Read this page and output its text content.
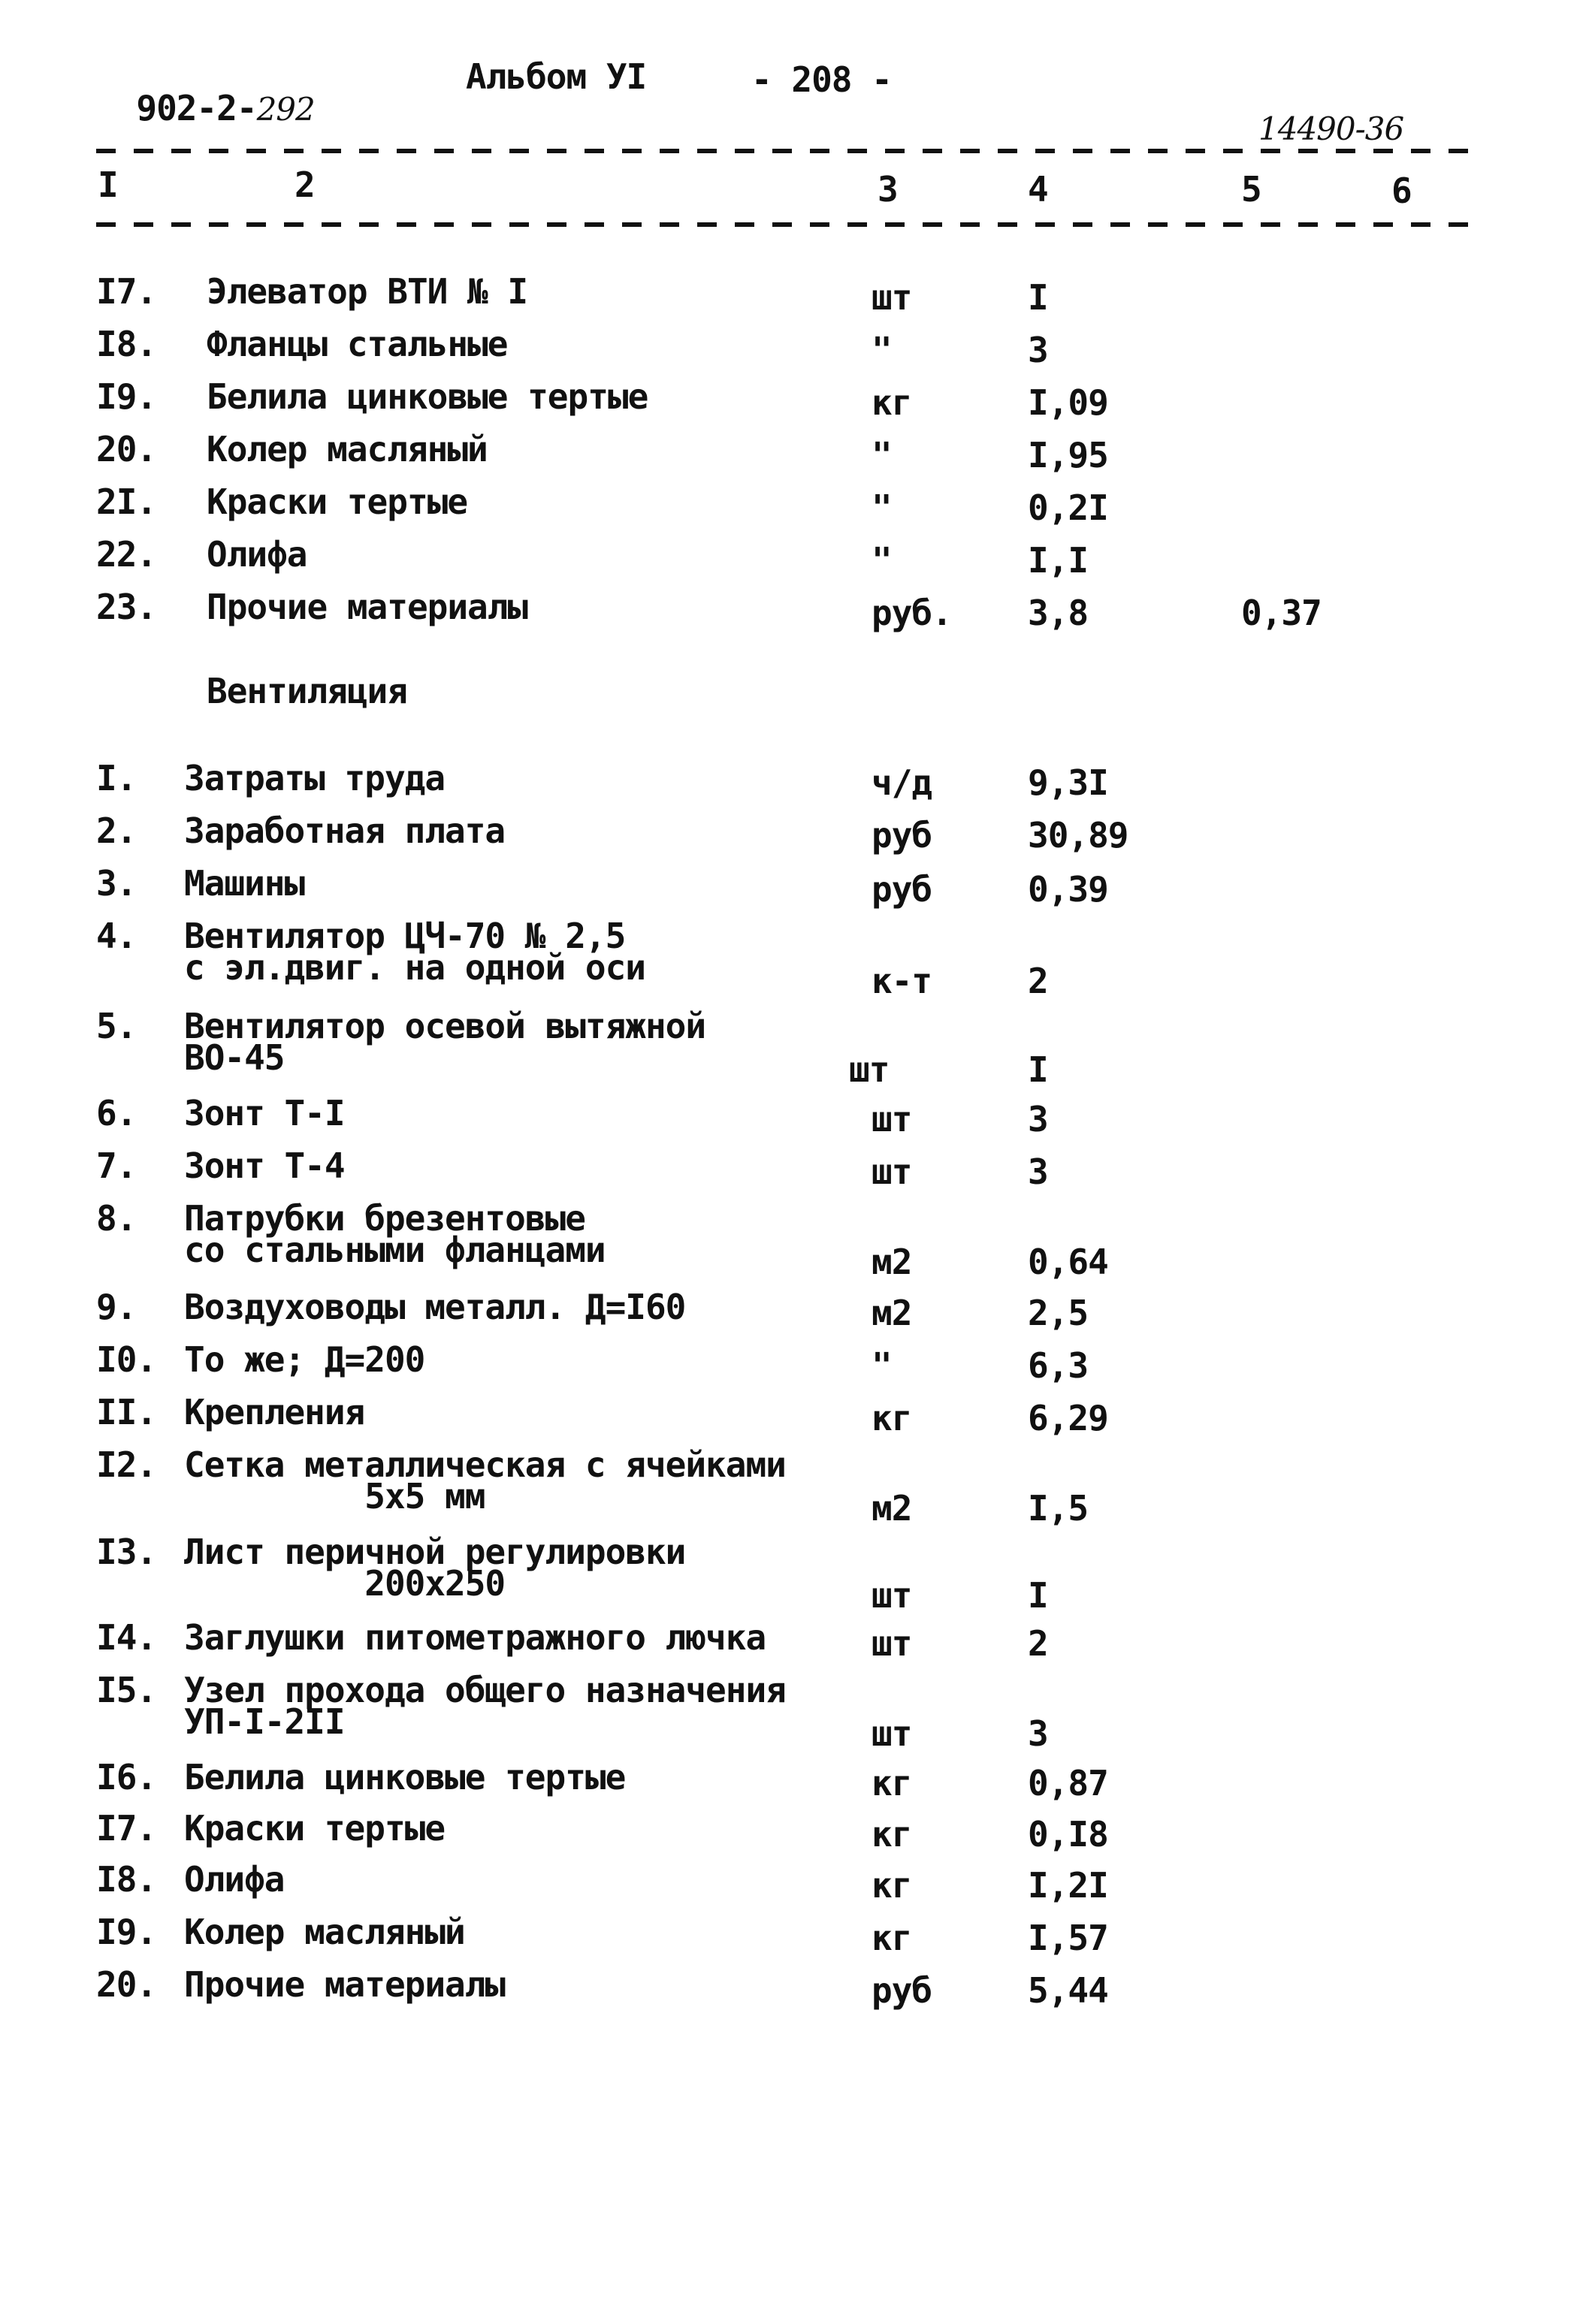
902-2-292

Альбом УI	- 208 -
14490-36
I	2	3	4	5	6
I7. Элеватор ВТИ № I	шт	I
I8. Фланцы стальные	"	3
I9. Белила цинковые тертые	кг	I,09
20. Колер масляный	"	I,95
2I. Краски тертые	"	0,2I
22. Олифа	"	I,I
23. Прочие материалы	руб. 3,8	0,37
Вентиляция
I. Затраты труда	ч/д	9,3I
2. Заработная плата	руб	30,89
3. Машины	руб	0,39
4. Вентилятор ЦЧ-70 № 2,5
с эл.двиг. на одной оси	к-т	2
5. Вентилятор осевой вытяжной
ВО-45	шт	I
6. Зонт Т-I	шт	3
7. Зонт Т-4	шт	3
8. Патрубки брезентовые
со стальными фланцами	м2	0,64
9. Воздуховоды металл. Д=I60	м2	2,5
I0. То же; Д=200	"	6,3
II. Крепления	кг	6,29
I2. Сетка металлическая с ячейками
5x5 мм	м2	I,5
I3. Лист перичной регулировки
200x250	шт	I
I4. Заглушки питометражного лючка	шт	2
I5. Узел прохода общего назначения
УП-I-2II	шт	3
I6. Белила цинковые тертые	кг	0,87
I7. Краски тертые	кг	0,I8
I8. Олифа	кг	I,2I
I9. Колер масляный	кг	I,57
20. Прочие материалы	руб	5,44
